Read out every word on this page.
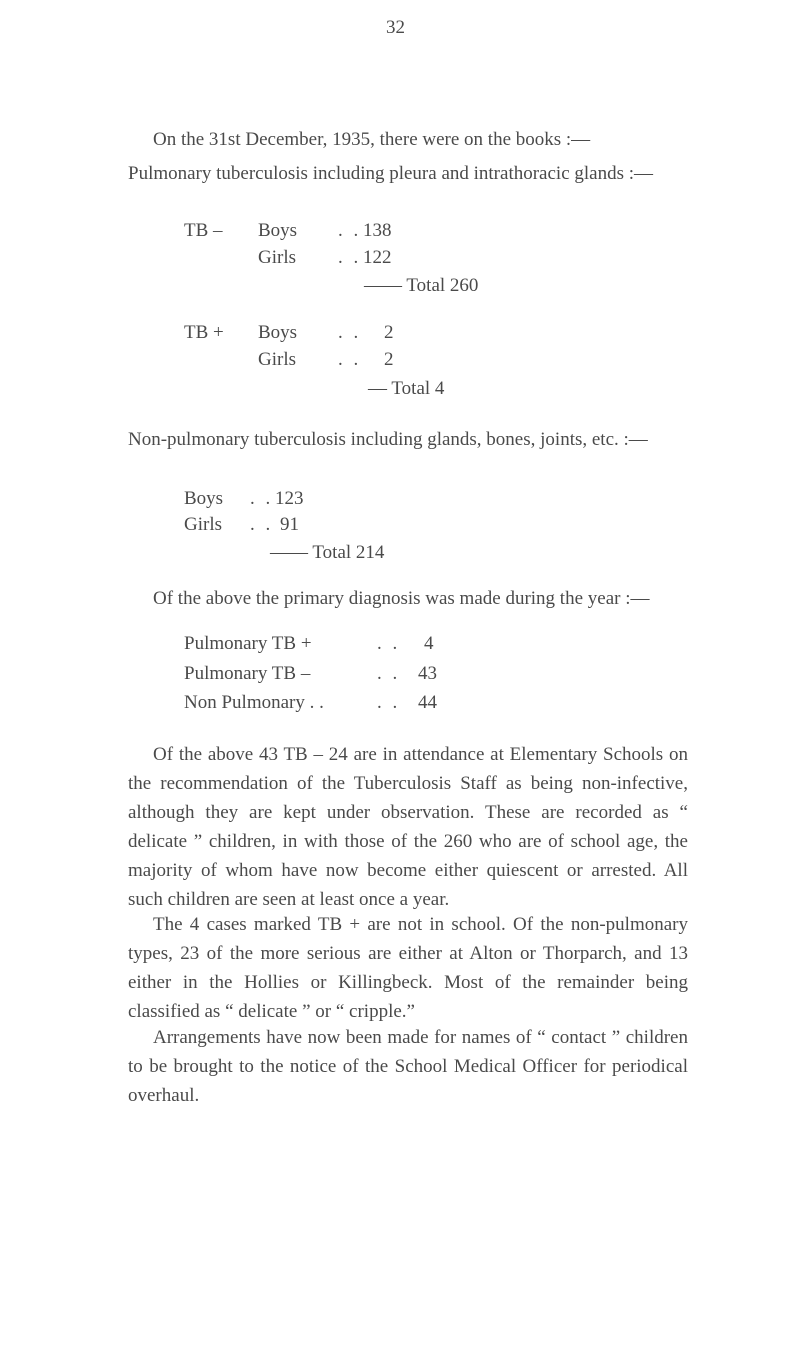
32
On the 31st December, 1935, there were on the books :—
Pulmonary tuberculosis including pleura and intrathoracic glands :—
TB – Boys . . 138
Girls . . 122
—— Total 260
TB + Boys . . 2
Girls . . 2
— Total 4
Non-pulmonary tuberculosis including glands, bones, joints, etc. :—
Boys . . 123
Girls . . 91
—— Total 214
Of the above the primary diagnosis was made during the year :—
Pulmonary TB +	. . 4
Pulmonary TB –	. . 43
Non Pulmonary . .	. . 44
Of the above 43 TB – 24 are in attendance at Elementary Schools on the recommendation of the Tuberculosis Staff as being non-infective, although they are kept under observation. These are recorded as “ delicate ” children, in with those of the 260 who are of school age, the majority of whom have now become either quiescent or arrested. All such children are seen at least once a year.
The 4 cases marked TB + are not in school. Of the non-pulmonary types, 23 of the more serious are either at Alton or Thorparch, and 13 either in the Hollies or Killingbeck. Most of the remainder being classified as “ delicate ” or “ cripple.”
Arrangements have now been made for names of “ contact ” children to be brought to the notice of the School Medical Officer for periodical overhaul.
